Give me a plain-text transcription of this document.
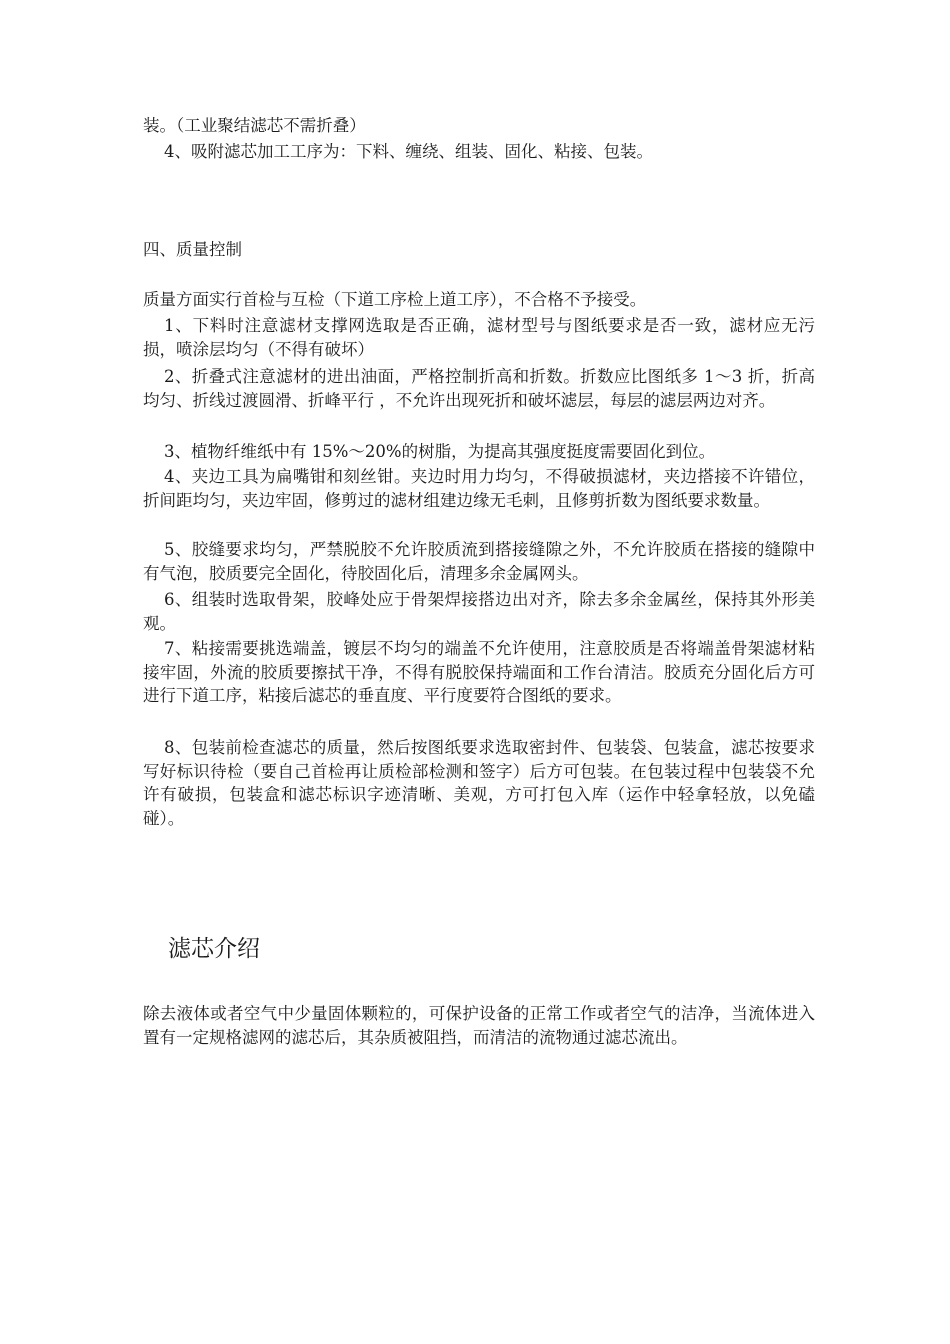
装。（工业聚结滤芯不需折叠）

4、吸附滤芯加工工序为：下料、缠绕、组装、固化、粘接、包装。

四、质量控制

质量方面实行首检与互检（下道工序检上道工序），不合格不予接受。

1、下料时注意滤材支撑网选取是否正确，滤材型号与图纸要求是否一致，滤材应无污损，喷涂层均匀（不得有破坏）

2、折叠式注意滤材的进出油面，严格控制折高和折数。折数应比图纸多 1～3 折，折高均匀、折线过渡圆滑、折峰平行 ，不允许出现死折和破坏滤层，每层的滤层两边对齐。

3、植物纤维纸中有 15%～20%的树脂，为提高其强度挺度需要固化到位。

4、夹边工具为扁嘴钳和刻丝钳。夹边时用力均匀，不得破损滤材，夹边搭接不许错位，折间距均匀，夹边牢固，修剪过的滤材组建边缘无毛刺，且修剪折数为图纸要求数量。

5、胶缝要求均匀，严禁脱胶不允许胶质流到搭接缝隙之外，不允许胶质在搭接的缝隙中有气泡，胶质要完全固化，待胶固化后，清理多余金属网头。

6、组装时选取骨架，胶峰处应于骨架焊接搭边出对齐，除去多余金属丝，保持其外形美观。

7、粘接需要挑选端盖，镀层不均匀的端盖不允许使用，注意胶质是否将端盖骨架滤材粘接牢固，外流的胶质要擦拭干净，不得有脱胶保持端面和工作台清洁。胶质充分固化后方可进行下道工序，粘接后滤芯的垂直度、平行度要符合图纸的要求。

8、包装前检查滤芯的质量，然后按图纸要求选取密封件、包装袋、包装盒，滤芯按要求写好标识待检（要自己首检再让质检部检测和签字）后方可包装。在包装过程中包装袋不允许有破损，包装盒和滤芯标识字迹清晰、美观，方可打包入库（运作中轻拿轻放，以免磕碰）。

滤芯介绍

除去液体或者空气中少量固体颗粒的，可保护设备的正常工作或者空气的洁净，当流体进入置有一定规格滤网的滤芯后，其杂质被阻挡，而清洁的流物通过滤芯流出。
